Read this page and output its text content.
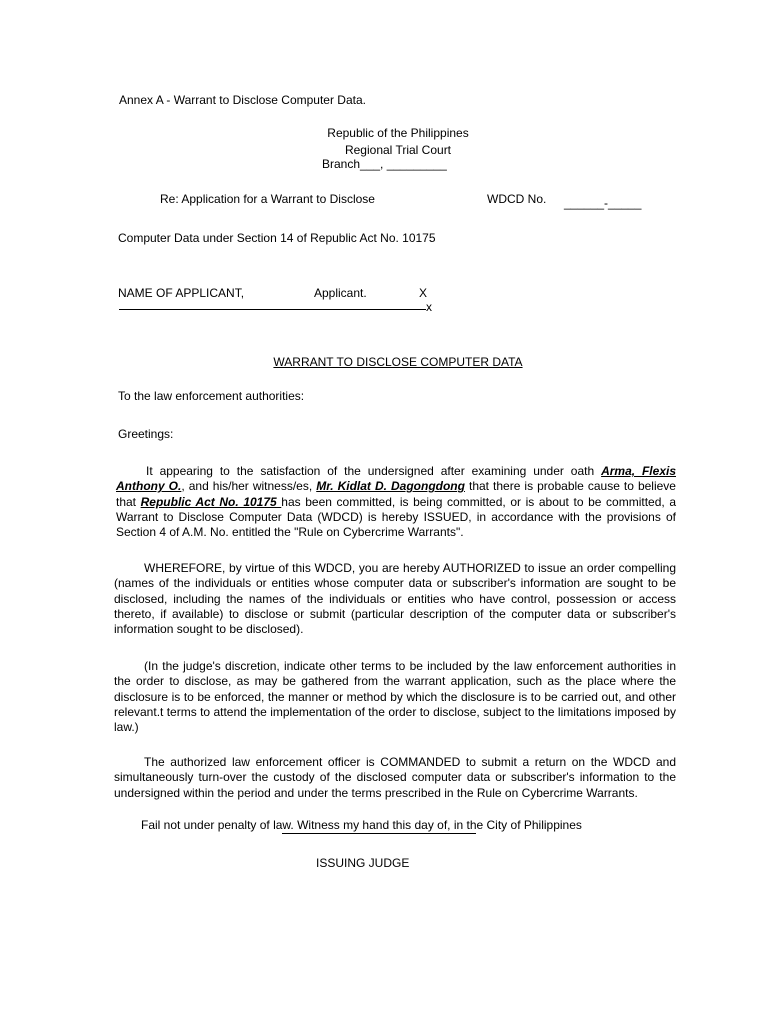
Annex A - Warrant to Disclose Computer Data.
Republic of the Philippines
Regional Trial Court
Branch___, _________
Re: Application for a Warrant to Disclose	WDCD No. ______-_____
Computer Data under Section 14 of Republic Act No. 10175
NAME OF APPLICANT,	Applicant.	X
x
WARRANT TO DISCLOSE COMPUTER DATA
To the law enforcement authorities:
Greetings:
It appearing to the satisfaction of the undersigned after examining under oath Arma, Flexis Anthony O., and his/her witness/es, Mr. Kidlat D. Dagongdong that there is probable cause to believe that Republic Act No. 10175 has been committed, is being committed, or is about to be committed, a Warrant to Disclose Computer Data (WDCD) is hereby ISSUED, in accordance with the provisions of Section 4 of A.M. No. entitled the "Rule on Cybercrime Warrants".
WHEREFORE, by virtue of this WDCD, you are hereby AUTHORIZED to issue an order compelling (names of the individuals or entities whose computer data or subscriber's information are sought to be disclosed, including the names of the individuals or entities who have control, possession or access thereto, if available) to disclose or submit (particular description of the computer data or subscriber's information sought to be disclosed).
(In the judge's discretion, indicate other terms to be included by the law enforcement authorities in the order to disclose, as may be gathered from the warrant application, such as the place where the disclosure is to be enforced, the manner or method by which the disclosure is to be carried out, and other relevant.t terms to attend the implementation of the order to disclose, subject to the limitations imposed by law.)
The authorized law enforcement officer is COMMANDED to submit a return on the WDCD and simultaneously turn-over the custody of the disclosed computer data or subscriber's information to the undersigned within the period and under the terms prescribed in the Rule on Cybercrime Warrants.
Fail not under penalty of law. Witness my hand this day of, in the City of Philippines
ISSUING JUDGE
